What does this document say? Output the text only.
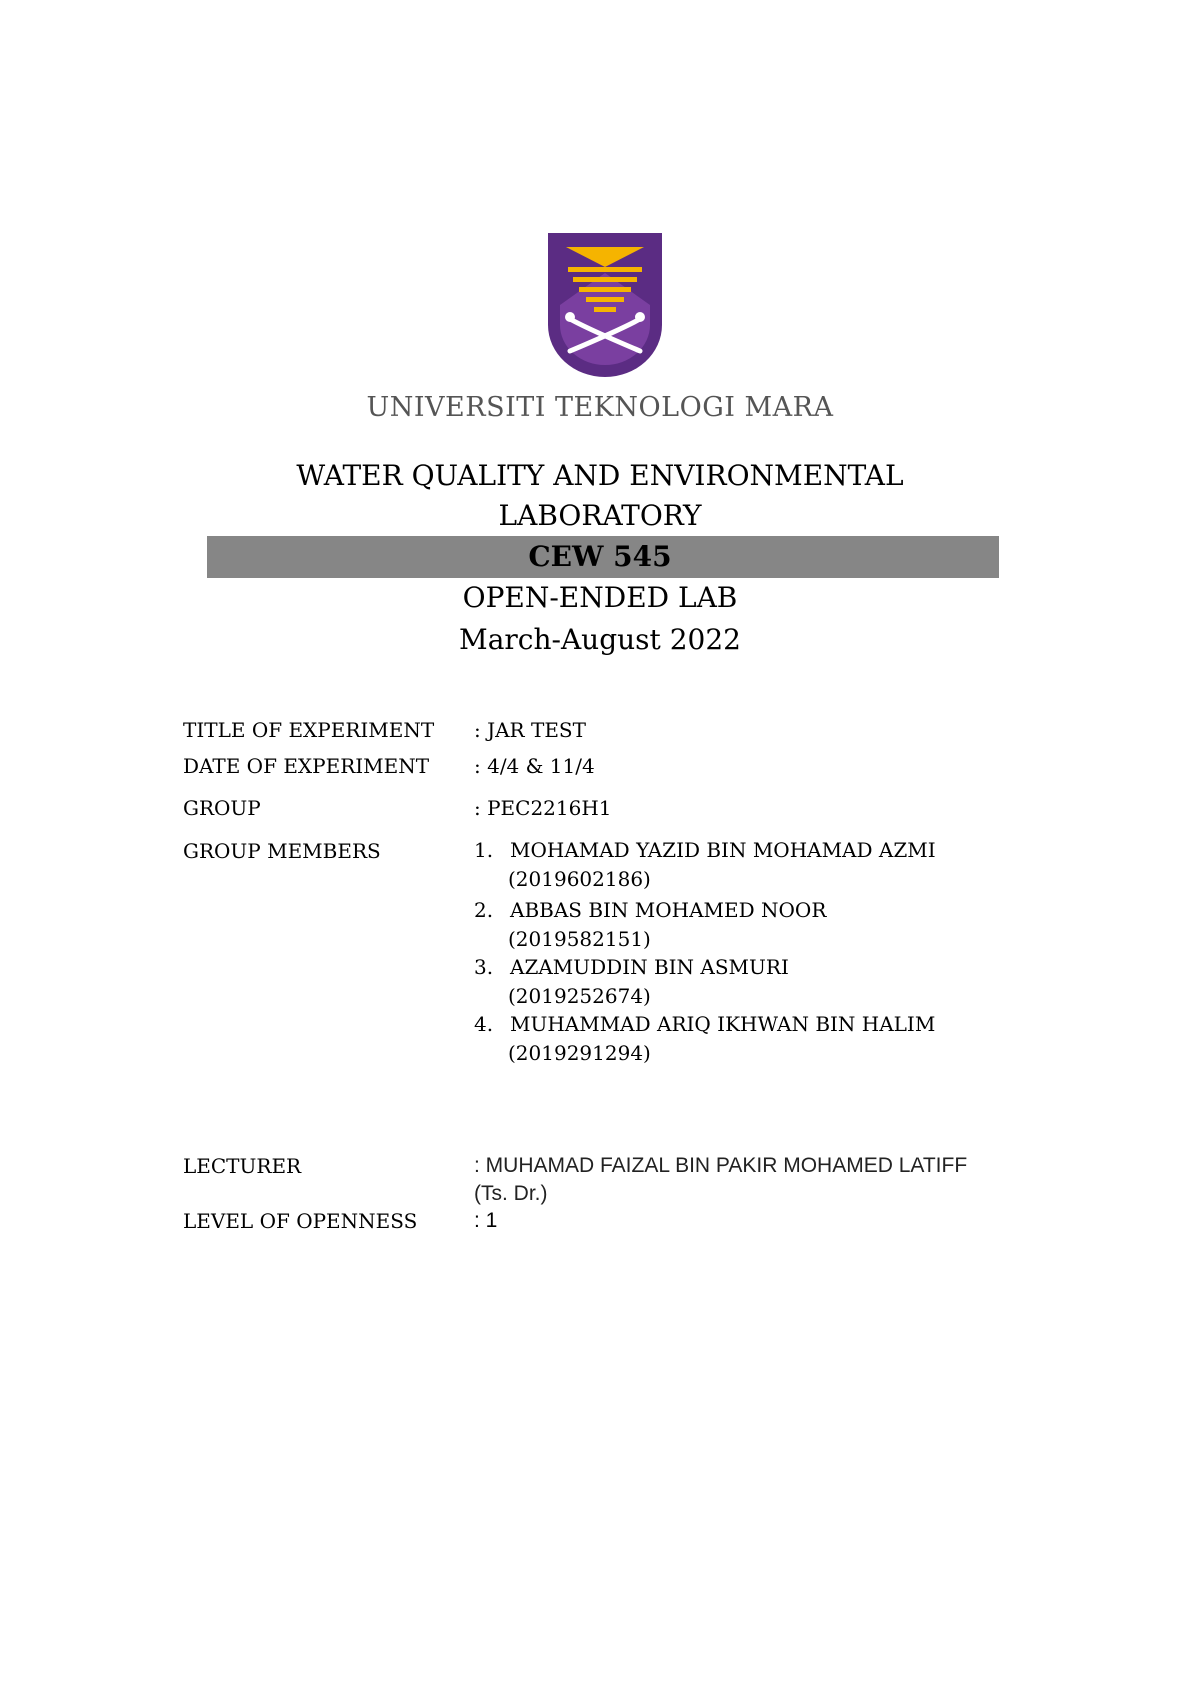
UNIVERSITI TEKNOLOGI MARA
WATER QUALITY AND ENVIRONMENTAL
LABORATORY
CEW 545
OPEN-ENDED LAB
March-August 2022
TITLE OF EXPERIMENT : JAR TEST
DATE OF EXPERIMENT : 4/4 & 11/4
GROUP	: PEC2216H1
GROUP MEMBERS	1. MOHAMAD YAZID BIN MOHAMAD AZMI
(2019602186)
2. ABBAS BIN MOHAMED NOOR
(2019582151)
3. AZAMUDDIN BIN ASMURI
(2019252674)
4. MUHAMMAD ARIQ IKHWAN BIN HALIM
(2019291294)
LECTURER	: MUHAMAD FAIZAL BIN PAKIR MOHAMED LATIFF (Ts. Dr.)
LEVEL OF OPENNESS	: 1
